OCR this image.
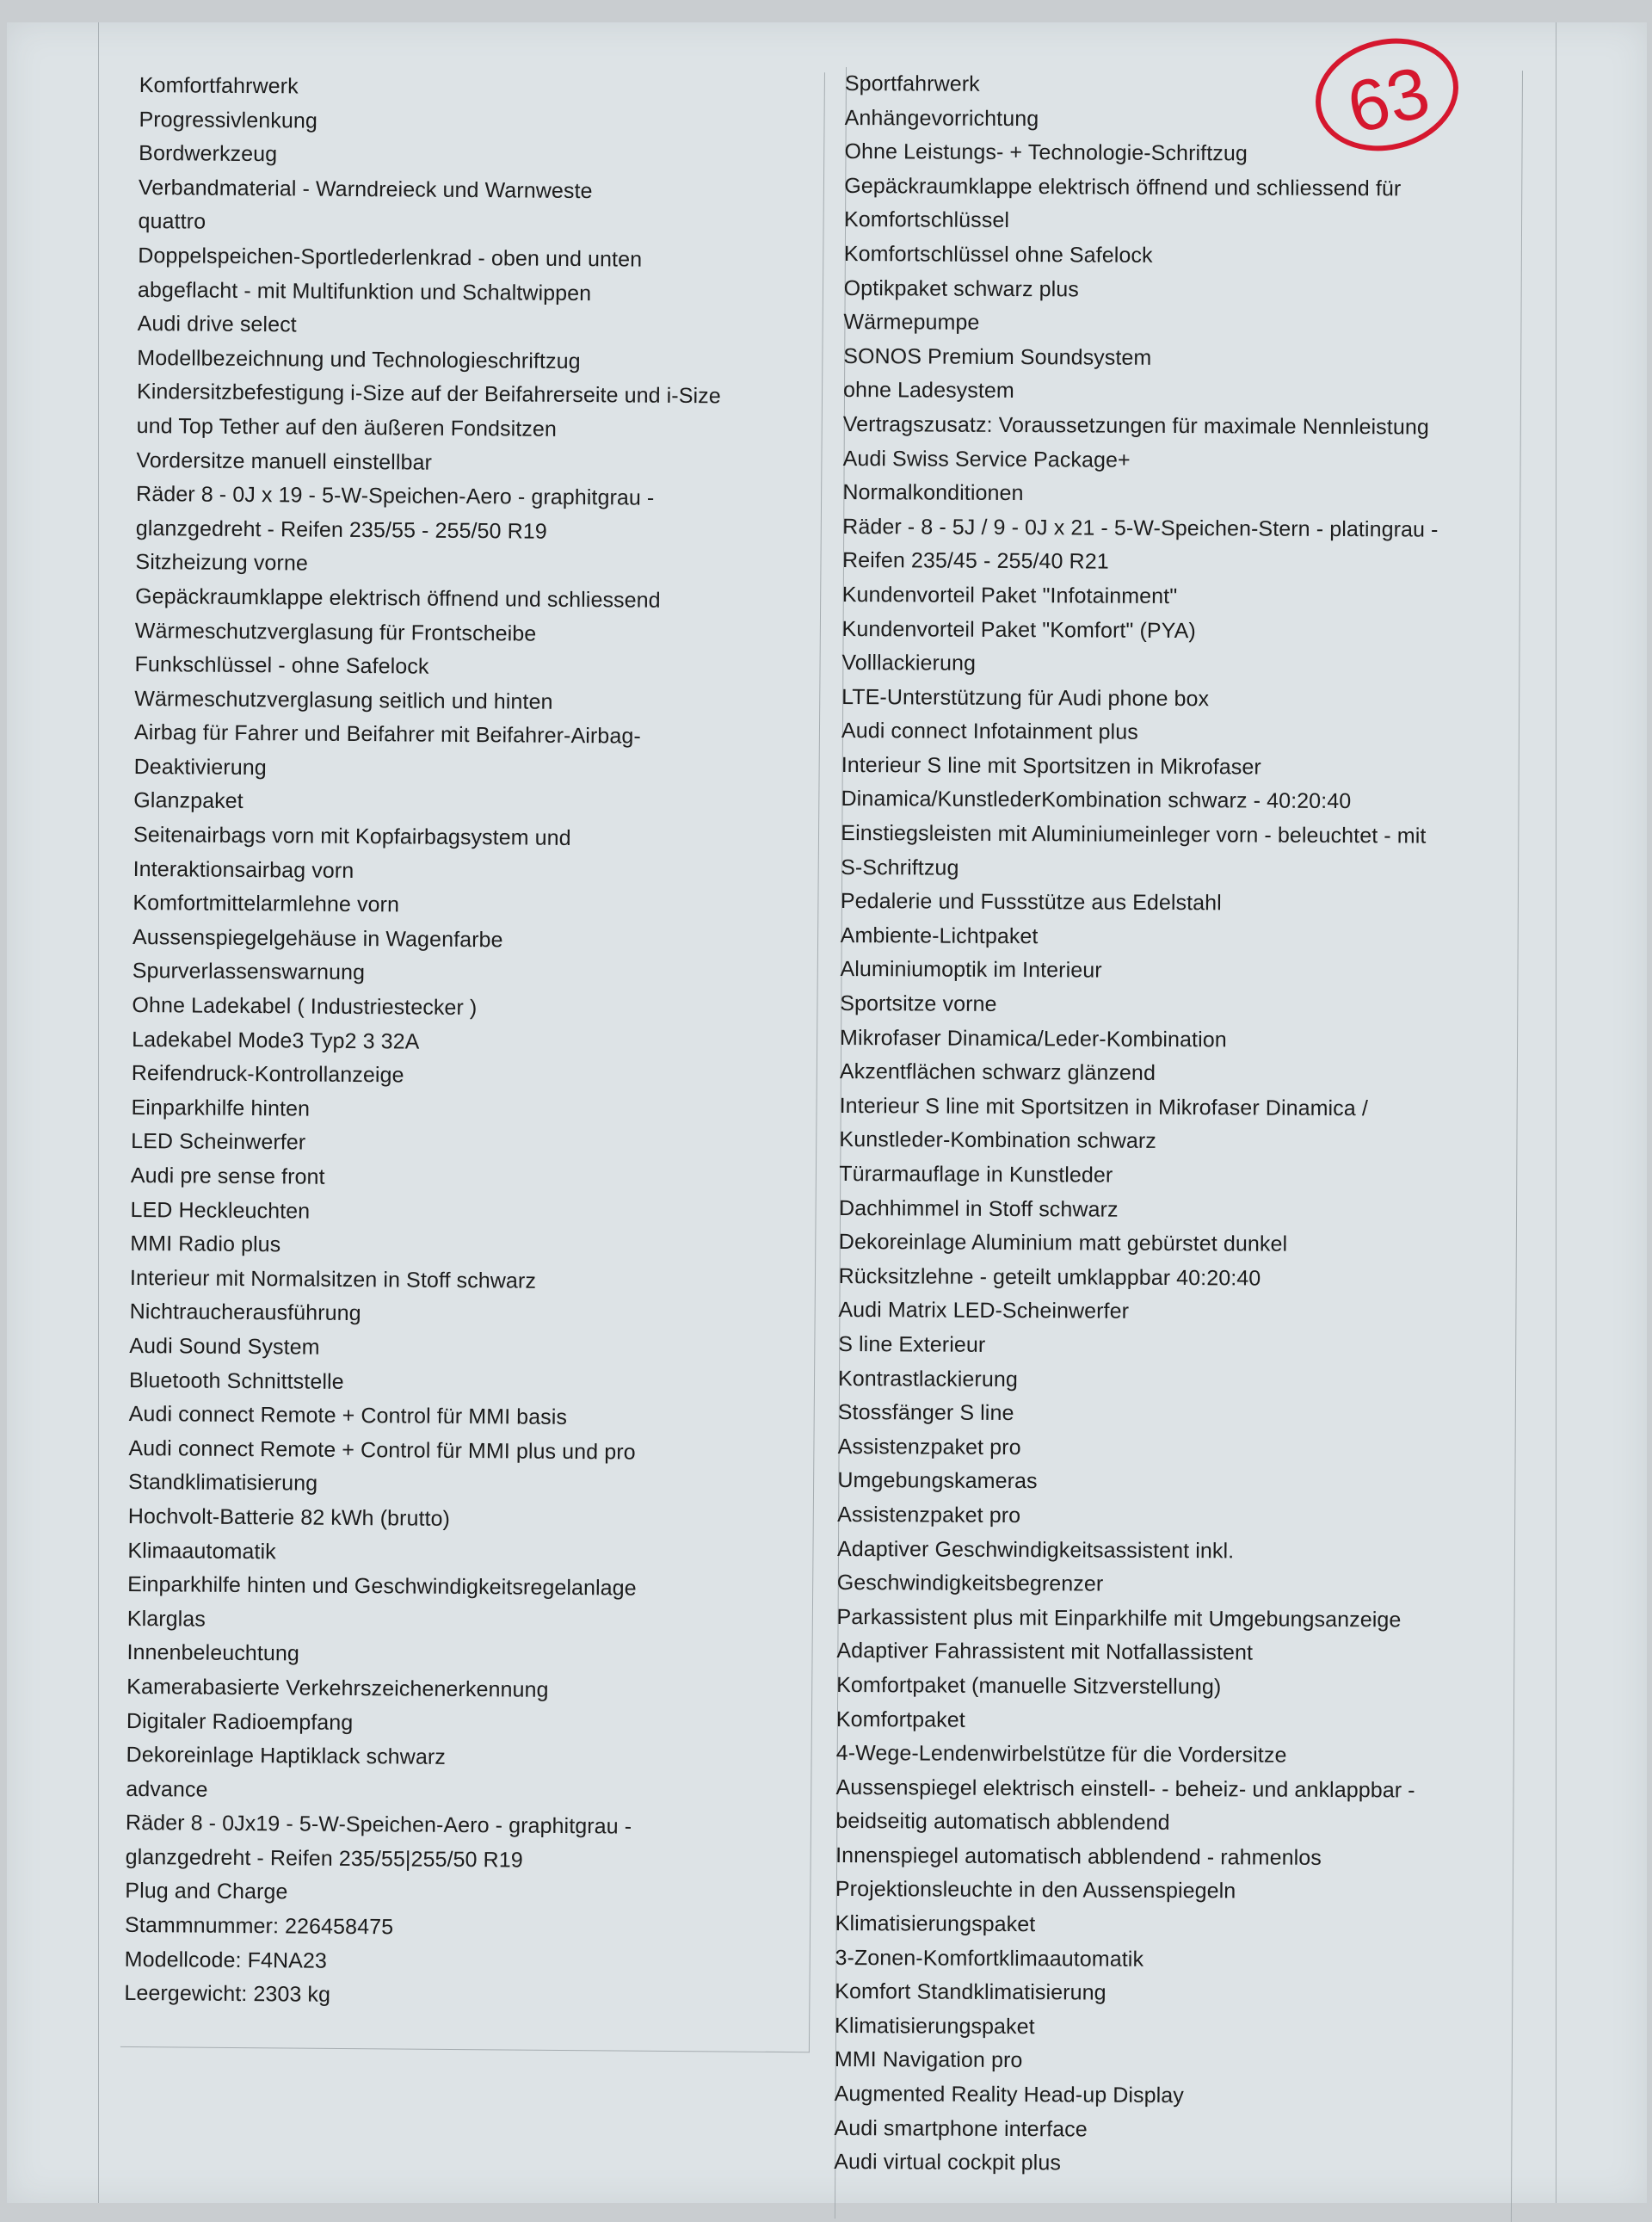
63
Komfortfahrwerk
Progressivlenkung
Bordwerkzeug
Verbandmaterial - Warndreieck und Warnweste
quattro
Doppelspeichen-Sportlederlenkrad - oben und unten
abgeflacht - mit Multifunktion und Schaltwippen
Audi drive select
Modellbezeichnung und Technologieschriftzug
Kindersitzbefestigung i-Size auf der Beifahrerseite und i-Size
und Top Tether auf den äußeren Fondsitzen
Vordersitze manuell einstellbar
Räder 8 - 0J x 19 - 5-W-Speichen-Aero - graphitgrau -
glanzgedreht - Reifen 235/55 - 255/50 R19
Sitzheizung vorne
Gepäckraumklappe elektrisch öffnend und schliessend
Wärmeschutzverglasung für Frontscheibe
Funkschlüssel - ohne Safelock
Wärmeschutzverglasung seitlich und hinten
Airbag für Fahrer und Beifahrer mit Beifahrer-Airbag-
Deaktivierung
Glanzpaket
Seitenairbags vorn mit Kopfairbagsystem und
Interaktionsairbag vorn
Komfortmittelarmlehne vorn
Aussenspiegelgehäuse in Wagenfarbe
Spurverlassenswarnung
Ohne Ladekabel ( Industriestecker )
Ladekabel Mode3 Typ2 3 32A
Reifendruck-Kontrollanzeige
Einparkhilfe hinten
LED Scheinwerfer
Audi pre sense front
LED Heckleuchten
MMI Radio plus
Interieur mit Normalsitzen in Stoff schwarz
Nichtraucherausführung
Audi Sound System
Bluetooth Schnittstelle
Audi connect Remote + Control für MMI basis
Audi connect Remote + Control für MMI plus und pro
Standklimatisierung
Hochvolt-Batterie 82 kWh (brutto)
Klimaautomatik
Einparkhilfe hinten und Geschwindigkeitsregelanlage
Klarglas
Innenbeleuchtung
Kamerabasierte Verkehrszeichenerkennung
Digitaler Radioempfang
Dekoreinlage Haptiklack schwarz
advance
Räder 8 - 0Jx19 - 5-W-Speichen-Aero - graphitgrau -
glanzgedreht - Reifen 235/55|255/50 R19
Plug and Charge
Stammnummer: 226458475
Modellcode: F4NA23
Leergewicht: 2303 kg
Sportfahrwerk
Anhängevorrichtung
Ohne Leistungs- + Technologie-Schriftzug
Gepäckraumklappe elektrisch öffnend und schliessend für
Komfortschlüssel
Komfortschlüssel ohne Safelock
Optikpaket schwarz plus
Wärmepumpe
SONOS Premium Soundsystem
ohne Ladesystem
Vertragszusatz: Voraussetzungen für maximale Nennleistung
Audi Swiss Service Package+
Normalkonditionen
Räder - 8 - 5J / 9 - 0J x 21 - 5-W-Speichen-Stern - platingrau -
Reifen 235/45 - 255/40 R21
Kundenvorteil Paket "Infotainment"
Kundenvorteil Paket "Komfort" (PYA)
Volllackierung
LTE-Unterstützung für Audi phone box
Audi connect Infotainment plus
Interieur S line mit Sportsitzen in Mikrofaser
Dinamica/KunstlederKombination schwarz - 40:20:40
Einstiegsleisten mit Aluminiumeinleger vorn - beleuchtet - mit
S-Schriftzug
Pedalerie und Fussstütze aus Edelstahl
Ambiente-Lichtpaket
Aluminiumoptik im Interieur
Sportsitze vorne
Mikrofaser Dinamica/Leder-Kombination
Akzentflächen schwarz glänzend
Interieur S line mit Sportsitzen in Mikrofaser Dinamica /
Kunstleder-Kombination schwarz
Türarmauflage in Kunstleder
Dachhimmel in Stoff schwarz
Dekoreinlage Aluminium matt gebürstet dunkel
Rücksitzlehne - geteilt umklappbar 40:20:40
Audi Matrix LED-Scheinwerfer
S line Exterieur
Kontrastlackierung
Stossfänger S line
Assistenzpaket pro
Umgebungskameras
Assistenzpaket pro
Adaptiver Geschwindigkeitsassistent inkl.
Geschwindigkeitsbegrenzer
Parkassistent plus mit Einparkhilfe mit Umgebungsanzeige
Adaptiver Fahrassistent mit Notfallassistent
Komfortpaket (manuelle Sitzverstellung)
Komfortpaket
4-Wege-Lendenwirbelstütze für die Vordersitze
Aussenspiegel elektrisch einstell- - beheiz- und anklappbar -
beidseitig automatisch abblendend
Innenspiegel automatisch abblendend - rahmenlos
Projektionsleuchte in den Aussenspiegeln
Klimatisierungspaket
3-Zonen-Komfortklimaautomatik
Komfort Standklimatisierung
Klimatisierungspaket
MMI Navigation pro
Augmented Reality Head-up Display
Audi smartphone interface
Audi virtual cockpit plus
